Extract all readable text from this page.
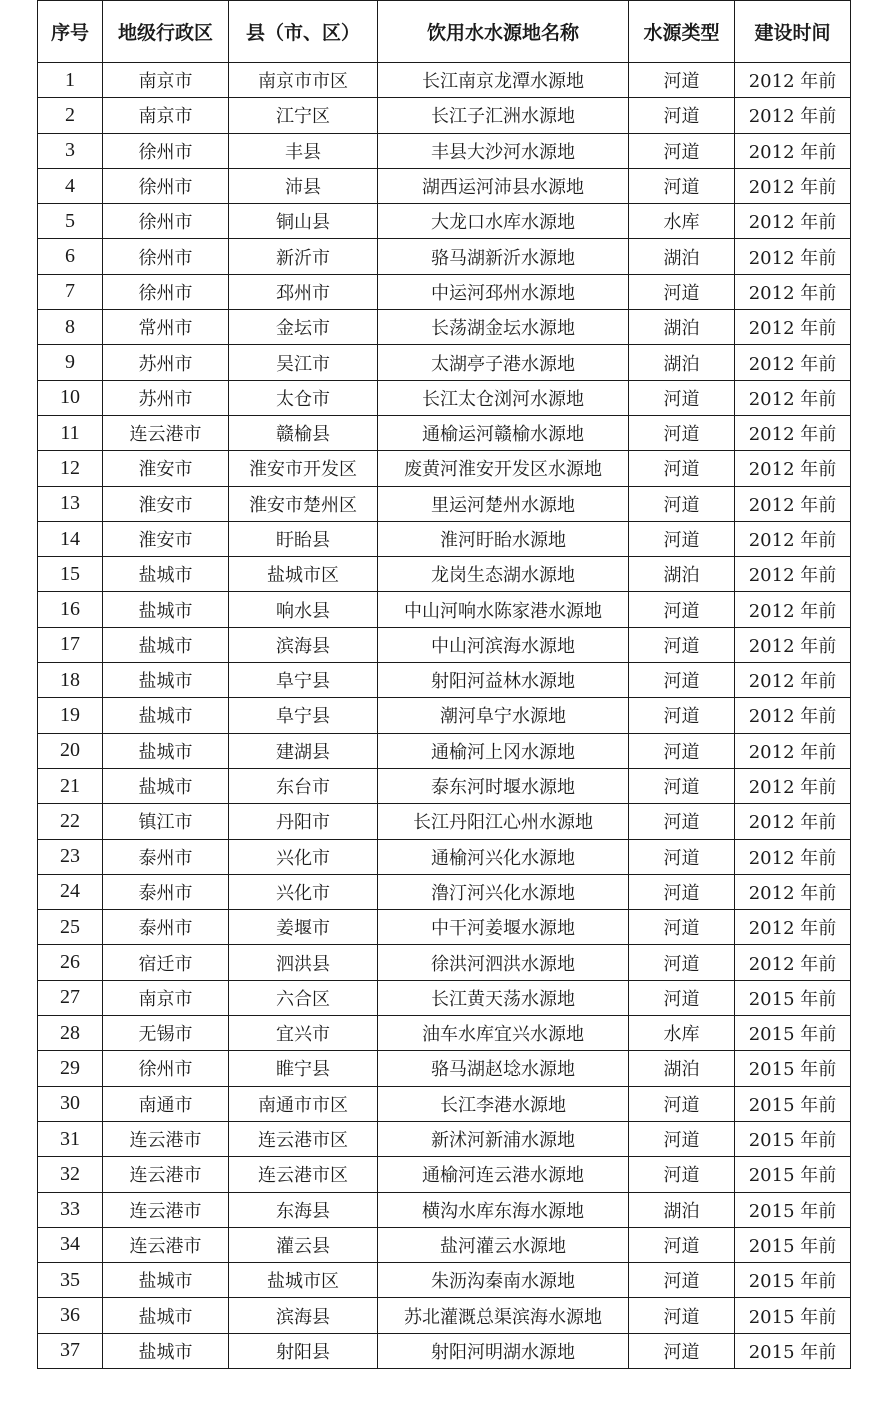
序号	地级行政区	县（市、区）	饮用水水源地名称	水源类型	建设时间
1	南京市	南京市市区	长江南京龙潭水源地	河道	2012 年前
2	南京市	江宁区	长江子汇洲水源地	河道	2012 年前
3	徐州市	丰县	丰县大沙河水源地	河道	2012 年前
4	徐州市	沛县	湖西运河沛县水源地	河道	2012 年前
5	徐州市	铜山县	大龙口水库水源地	水库	2012 年前
6	徐州市	新沂市	骆马湖新沂水源地	湖泊	2012 年前
7	徐州市	邳州市	中运河邳州水源地	河道	2012 年前
8	常州市	金坛市	长荡湖金坛水源地	湖泊	2012 年前
9	苏州市	吴江市	太湖亭子港水源地	湖泊	2012 年前
10	苏州市	太仓市	长江太仓浏河水源地	河道	2012 年前
11	连云港市	赣榆县	通榆运河赣榆水源地	河道	2012 年前
12	淮安市	淮安市开发区	废黄河淮安开发区水源地	河道	2012 年前
13	淮安市	淮安市楚州区	里运河楚州水源地	河道	2012 年前
14	淮安市	盱眙县	淮河盱眙水源地	河道	2012 年前
15	盐城市	盐城市区	龙岗生态湖水源地	湖泊	2012 年前
16	盐城市	响水县	中山河响水陈家港水源地	河道	2012 年前
17	盐城市	滨海县	中山河滨海水源地	河道	2012 年前
18	盐城市	阜宁县	射阳河益林水源地	河道	2012 年前
19	盐城市	阜宁县	潮河阜宁水源地	河道	2012 年前
20	盐城市	建湖县	通榆河上冈水源地	河道	2012 年前
21	盐城市	东台市	泰东河时堰水源地	河道	2012 年前
22	镇江市	丹阳市	长江丹阳江心州水源地	河道	2012 年前
23	泰州市	兴化市	通榆河兴化水源地	河道	2012 年前
24	泰州市	兴化市	澛汀河兴化水源地	河道	2012 年前
25	泰州市	姜堰市	中干河姜堰水源地	河道	2012 年前
26	宿迁市	泗洪县	徐洪河泗洪水源地	河道	2012 年前
27	南京市	六合区	长江黄天荡水源地	河道	2015 年前
28	无锡市	宜兴市	油车水库宜兴水源地	水库	2015 年前
29	徐州市	睢宁县	骆马湖赵埝水源地	湖泊	2015 年前
30	南通市	南通市市区	长江李港水源地	河道	2015 年前
31	连云港市	连云港市区	新沭河新浦水源地	河道	2015 年前
32	连云港市	连云港市区	通榆河连云港水源地	河道	2015 年前
33	连云港市	东海县	横沟水库东海水源地	湖泊	2015 年前
34	连云港市	灌云县	盐河灌云水源地	河道	2015 年前
35	盐城市	盐城市区	朱沥沟秦南水源地	河道	2015 年前
36	盐城市	滨海县	苏北灌溉总渠滨海水源地	河道	2015 年前
37	盐城市	射阳县	射阳河明湖水源地	河道	2015 年前
